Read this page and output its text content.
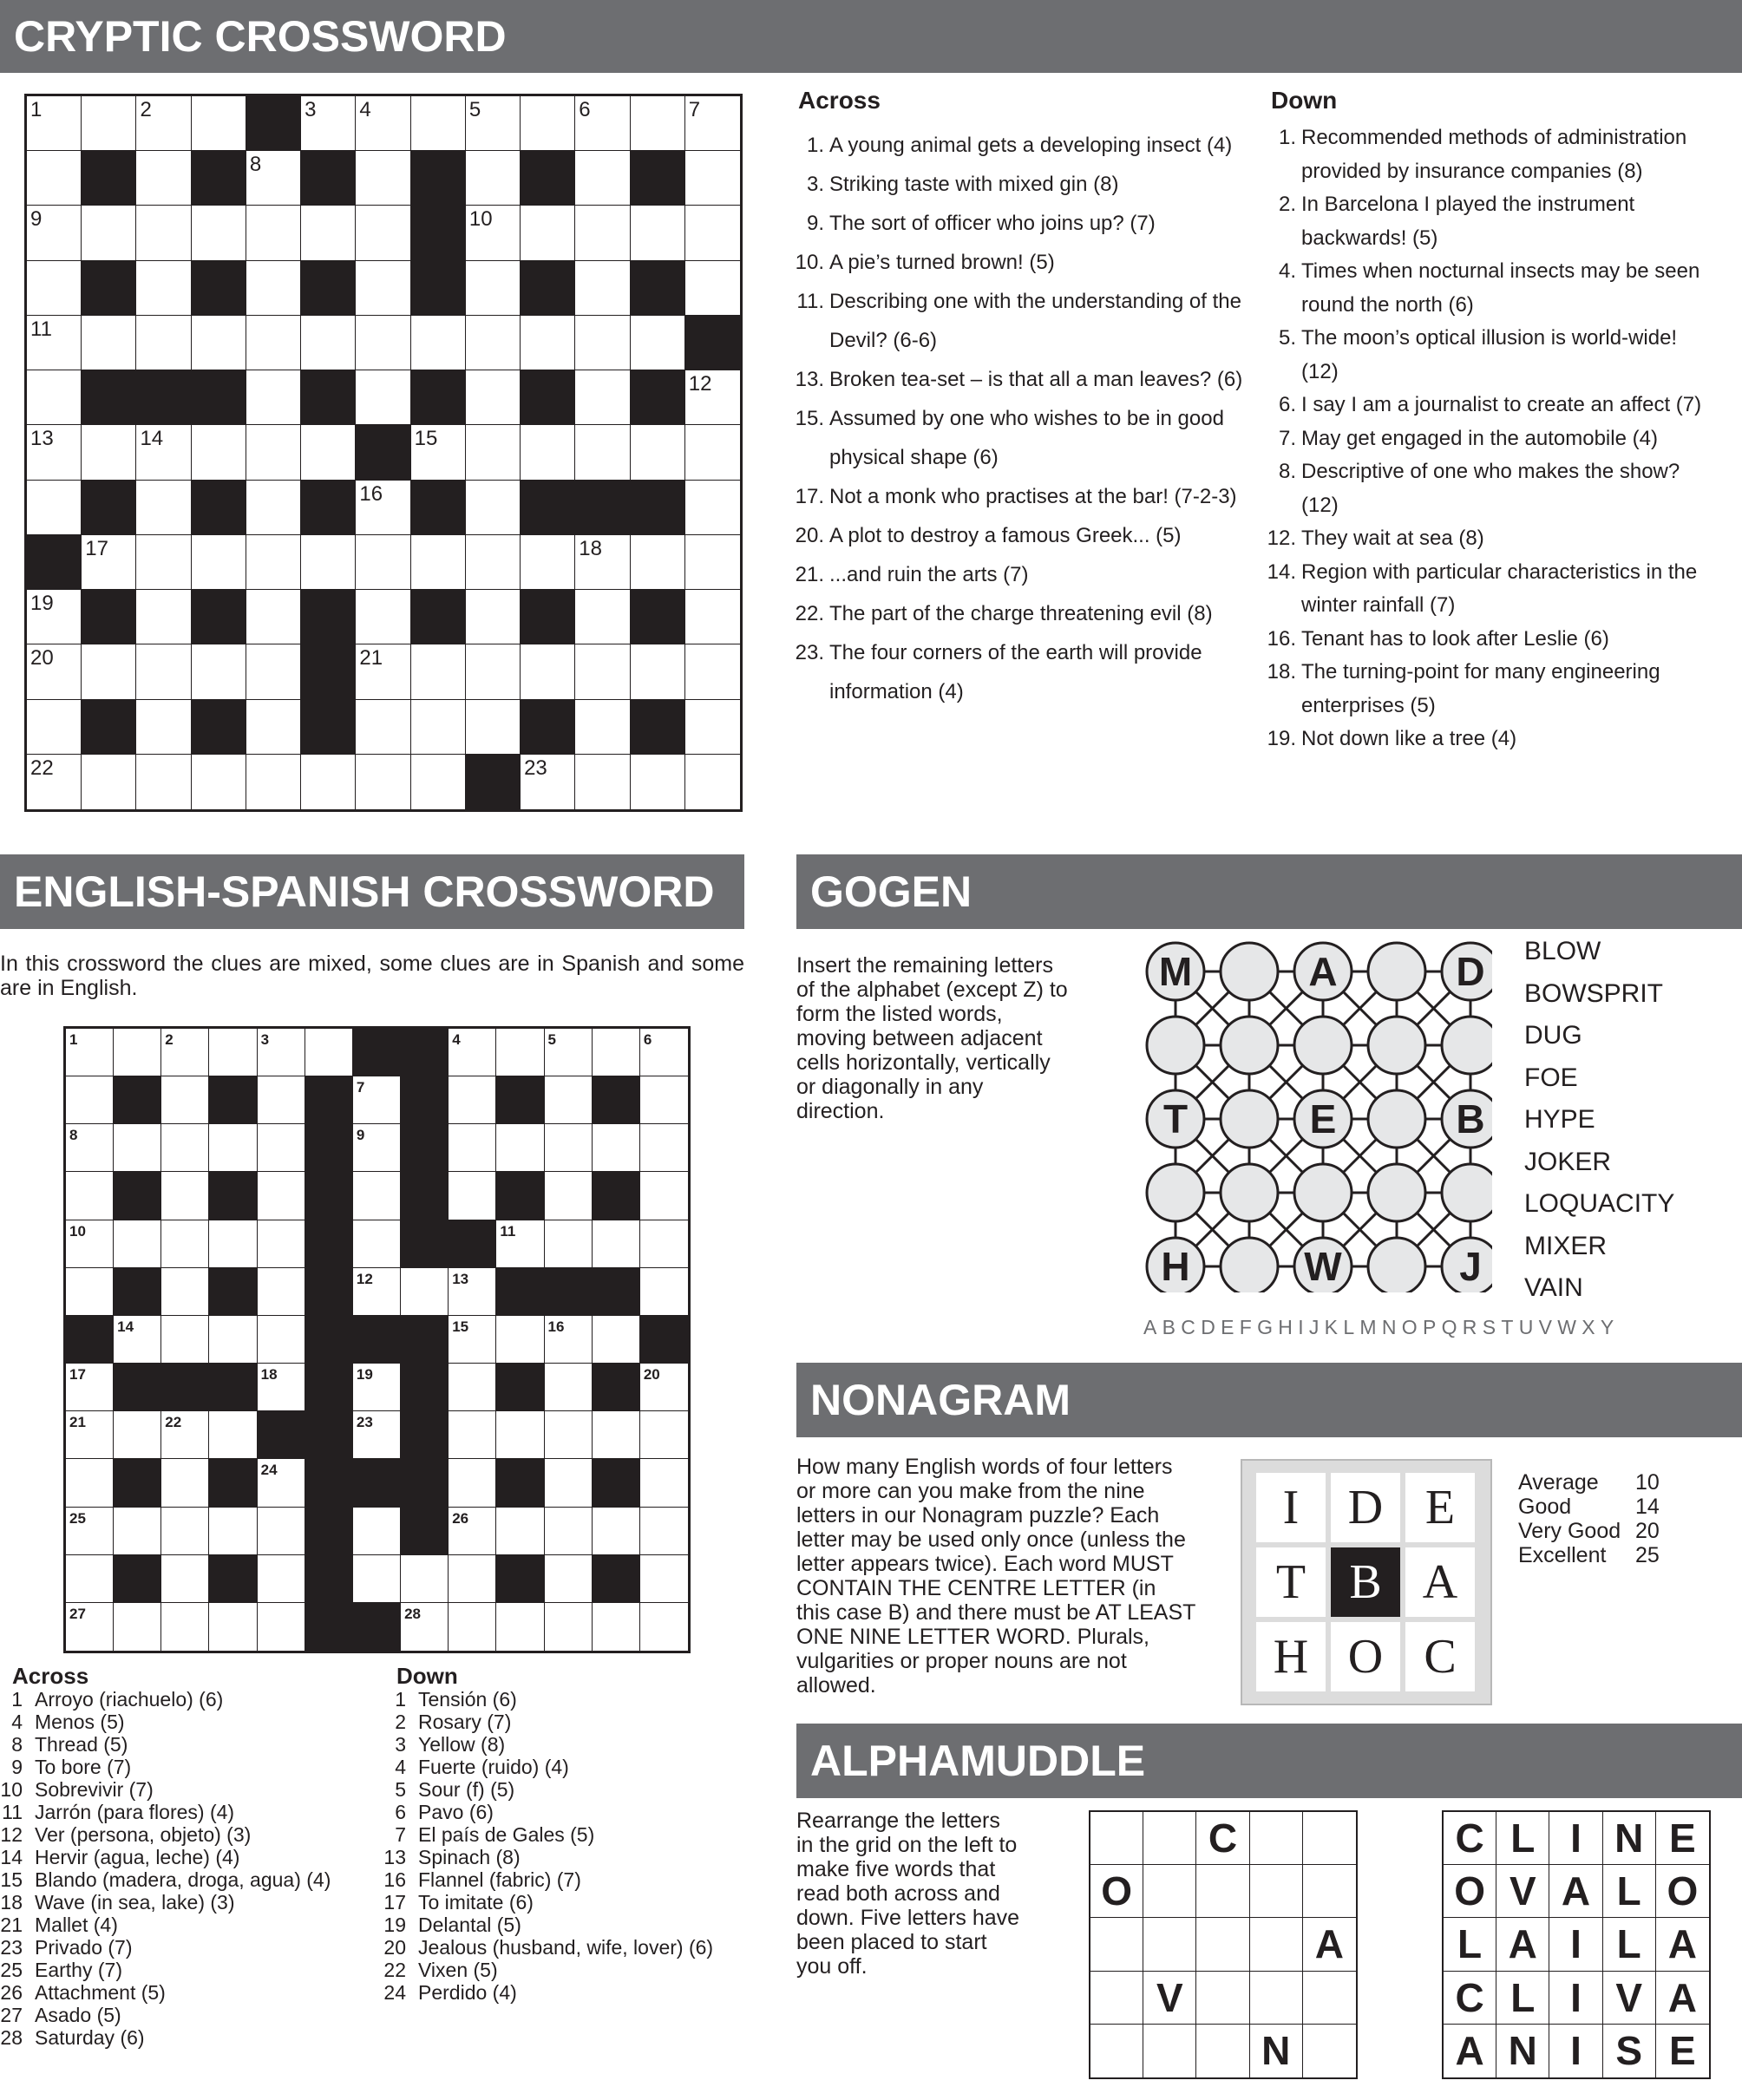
CRYPTIC CROSSWORD
1	2	3 4	5	6	7
8
9	10
11
12
13	14	15
16
17	18
19
20	21
22	23
Across
1. A young animal gets a developing insect (4)
3. Striking taste with mixed gin (8)
9. The sort of officer who joins up? (7)
10. A pie’s turned brown! (5)
11. Describing one with the understanding of the Devil? (6-6)
13. Broken tea-set – is that all a man leaves? (6)
15. Assumed by one who wishes to be in good physical shape (6)
17. Not a monk who practises at the bar! (7-2-3)
20. A plot to destroy a famous Greek... (5)
21. ...and ruin the arts (7)
22. The part of the charge threatening evil (8)
23. The four corners of the earth will provide information (4)
Down
1. Recommended methods of administration provided by insurance companies (8)
2. In Barcelona I played the instrument backwards! (5)
4. Times when nocturnal insects may be seen round the north (6)
5. The moon’s optical illusion is world-wide! (12)
6. I say I am a journalist to create an affect (7)
7. May get engaged in the automobile (4)
8. Descriptive of one who makes the show? (12)
12. They wait at sea (8)
14. Region with particular characteristics in the winter rainfall (7)
16. Tenant has to look after Leslie (6)
18. The turning-point for many engineering enterprises (5)
19. Not down like a tree (4)
ENGLISH-SPANISH CROSSWORD
In this crossword the clues are mixed, some clues are in Spanish and some are in English.
1	2	3	4	5	6
7
8	9
10	11
12	13
14	15	16
17	18	19	20
21	22	23
24
25	26
27	28
Across
1 Arroyo (riachuelo) (6)
4 Menos (5)
8 Thread (5)
9 To bore (7)
10 Sobrevivir (7)
11 Jarrón (para flores) (4)
12 Ver (persona, objeto) (3)
14 Hervir (agua, leche) (4)
15 Blando (madera, droga, agua) (4)
18 Wave (in sea, lake) (3)
21 Mallet (4)
23 Privado (7)
25 Earthy (7)
26 Attachment (5)
27 Asado (5)
28 Saturday (6)
Down
1 Tensión (6)
2 Rosary (7)
3 Yellow (8)
4 Fuerte (ruido) (4)
5 Sour (f) (5)
6 Pavo (6)
7 El país de Gales (5)
13 Spinach (8)
16 Flannel (fabric) (7)
17 To imitate (6)
19 Delantal (5)
20 Jealous (husband, wife, lover) (6)
22 Vixen (5)
24 Perdido (4)
GOGEN
Insert the remaining letters of the alphabet (except Z) to form the listed words, moving between adjacent cells horizontally, vertically or diagonally in any direction.
M	A	D
T	E	B
H	W	J
BLOW
BOWSPRIT
DUG
FOE
HYPE
JOKER
LOQUACITY
MIXER
VAIN
ABCDEFGHIJKLMNOPQRSTUVWXY
NONAGRAM
How many English words of four letters or more can you make from the nine letters in our Nonagram puzzle? Each letter may be used only once (unless the letter appears twice). Each word MUST CONTAIN THE CENTRE LETTER (in this case B) and there must be AT LEAST ONE NINE LETTER WORD. Plurals, vulgarities or proper nouns are not allowed.
I	D E
T B A
H O C
Average	10
Good	14
Very Good 20
Excellent	25
ALPHAMUDDLE
Rearrange the letters in the grid on the left to make five words that read both across and down. Five letters have been placed to start you off.
C
O
A
V
N
C L I N E
O V A L O
L A I L A
C L I V A
A N I S E
